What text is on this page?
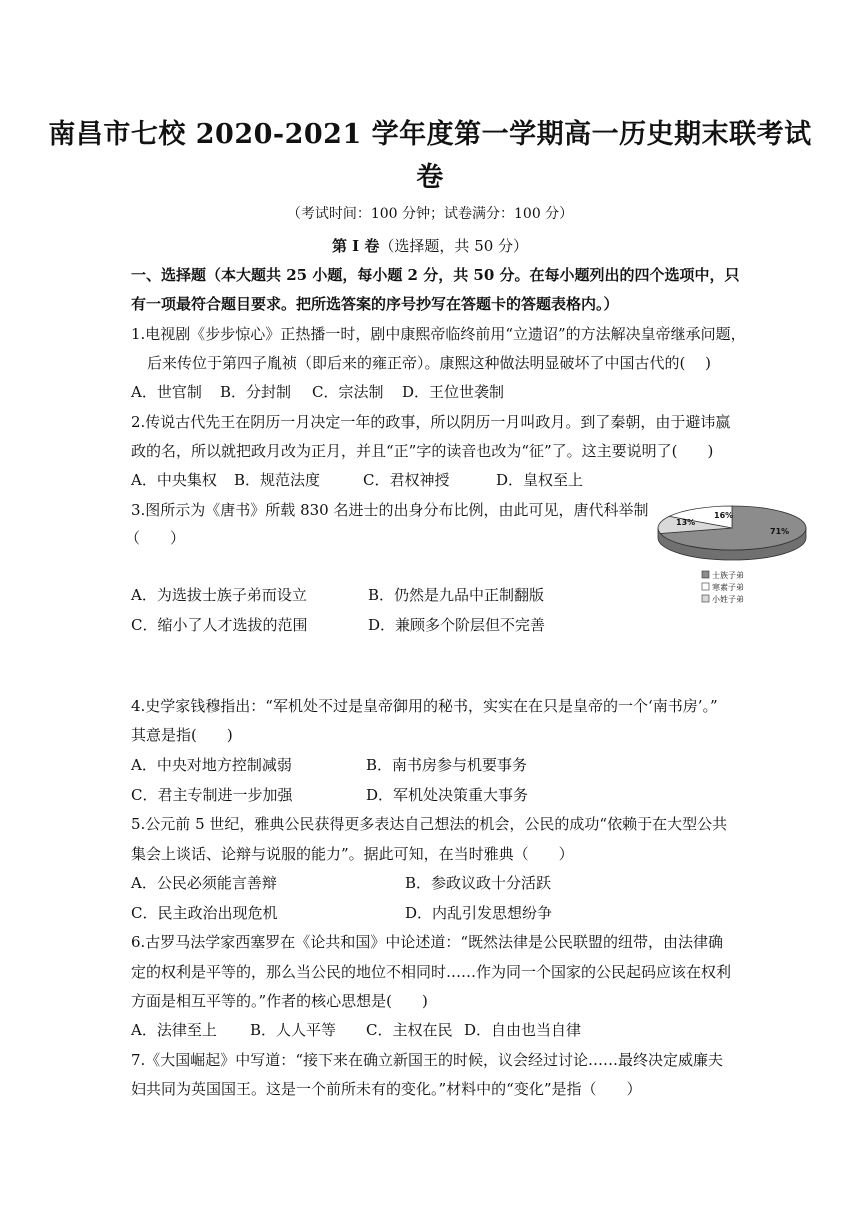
南昌市七校 2020-2021 学年度第一学期高一历史期末联考试
卷
（考试时间：100 分钟；试卷满分：100 分）
第 I 卷（选择题，共 50 分）
一、选择题（本大题共 25 小题，每小题 2 分，共 50 分。在每小题列出的四个选项中，只
有一项最符合题目要求。把所选答案的序号抄写在答题卡的答题表格内。）
1.电视剧《步步惊心》正热播一时，剧中康熙帝临终前用“立遗诏”的方法解决皇帝继承问题，
后来传位于第四子胤祯（即后来的雍正帝）。康熙这种做法明显破坏了中国古代的(　 )
A．世官制 B．分封制 C．宗法制 D．王位世袭制
2.传说古代先王在阴历一月决定一年的政事，所以阴历一月叫政月。到了秦朝，由于避讳嬴
政的名，所以就把政月改为正月，并且“正”字的读音也改为“征”了。这主要说明了(　　)
A．中央集权 B．规范法度	C．君权神授	D．皇权至上
3.图所示为《唐书》所载 830 名进士的出身分布比例，由此可见，唐代科举制
（　　）
A．为选拔士族子弟而设立	B．仍然是九品中正制翻版
C．缩小了人才选拔的范围	D．兼顾多个阶层但不完善
71%
16%
13%
士族子弟
寒素子弟
小姓子弟
4.史学家钱穆指出：“军机处不过是皇帝御用的秘书，实实在在只是皇帝的一个‘南书房’。”
其意是指(　　)
A．中央对地方控制减弱	B．南书房参与机要事务
C．君主专制进一步加强	D．军机处决策重大事务
5.公元前 5 世纪，雅典公民获得更多表达自己想法的机会，公民的成功“依赖于在大型公共
集会上谈话、论辩与说服的能力”。据此可知，在当时雅典（　　）
A．公民必须能言善辩	B．参政议政十分活跃
C．民主政治出现危机	D．内乱引发思想纷争
6.古罗马法学家西塞罗在《论共和国》中论述道：“既然法律是公民联盟的纽带，由法律确
定的权利是平等的，那么当公民的地位不相同时……作为同一个国家的公民起码应该在权利
方面是相互平等的。”作者的核心思想是(　　)
A．法律至上 B．人人平等 C．主权在民 D．自由也当自律
7.《大国崛起》中写道：“接下来在确立新国王的时候，议会经过讨论……最终决定威廉夫
妇共同为英国国王。这是一个前所未有的变化。”材料中的“变化”是指（　　）
